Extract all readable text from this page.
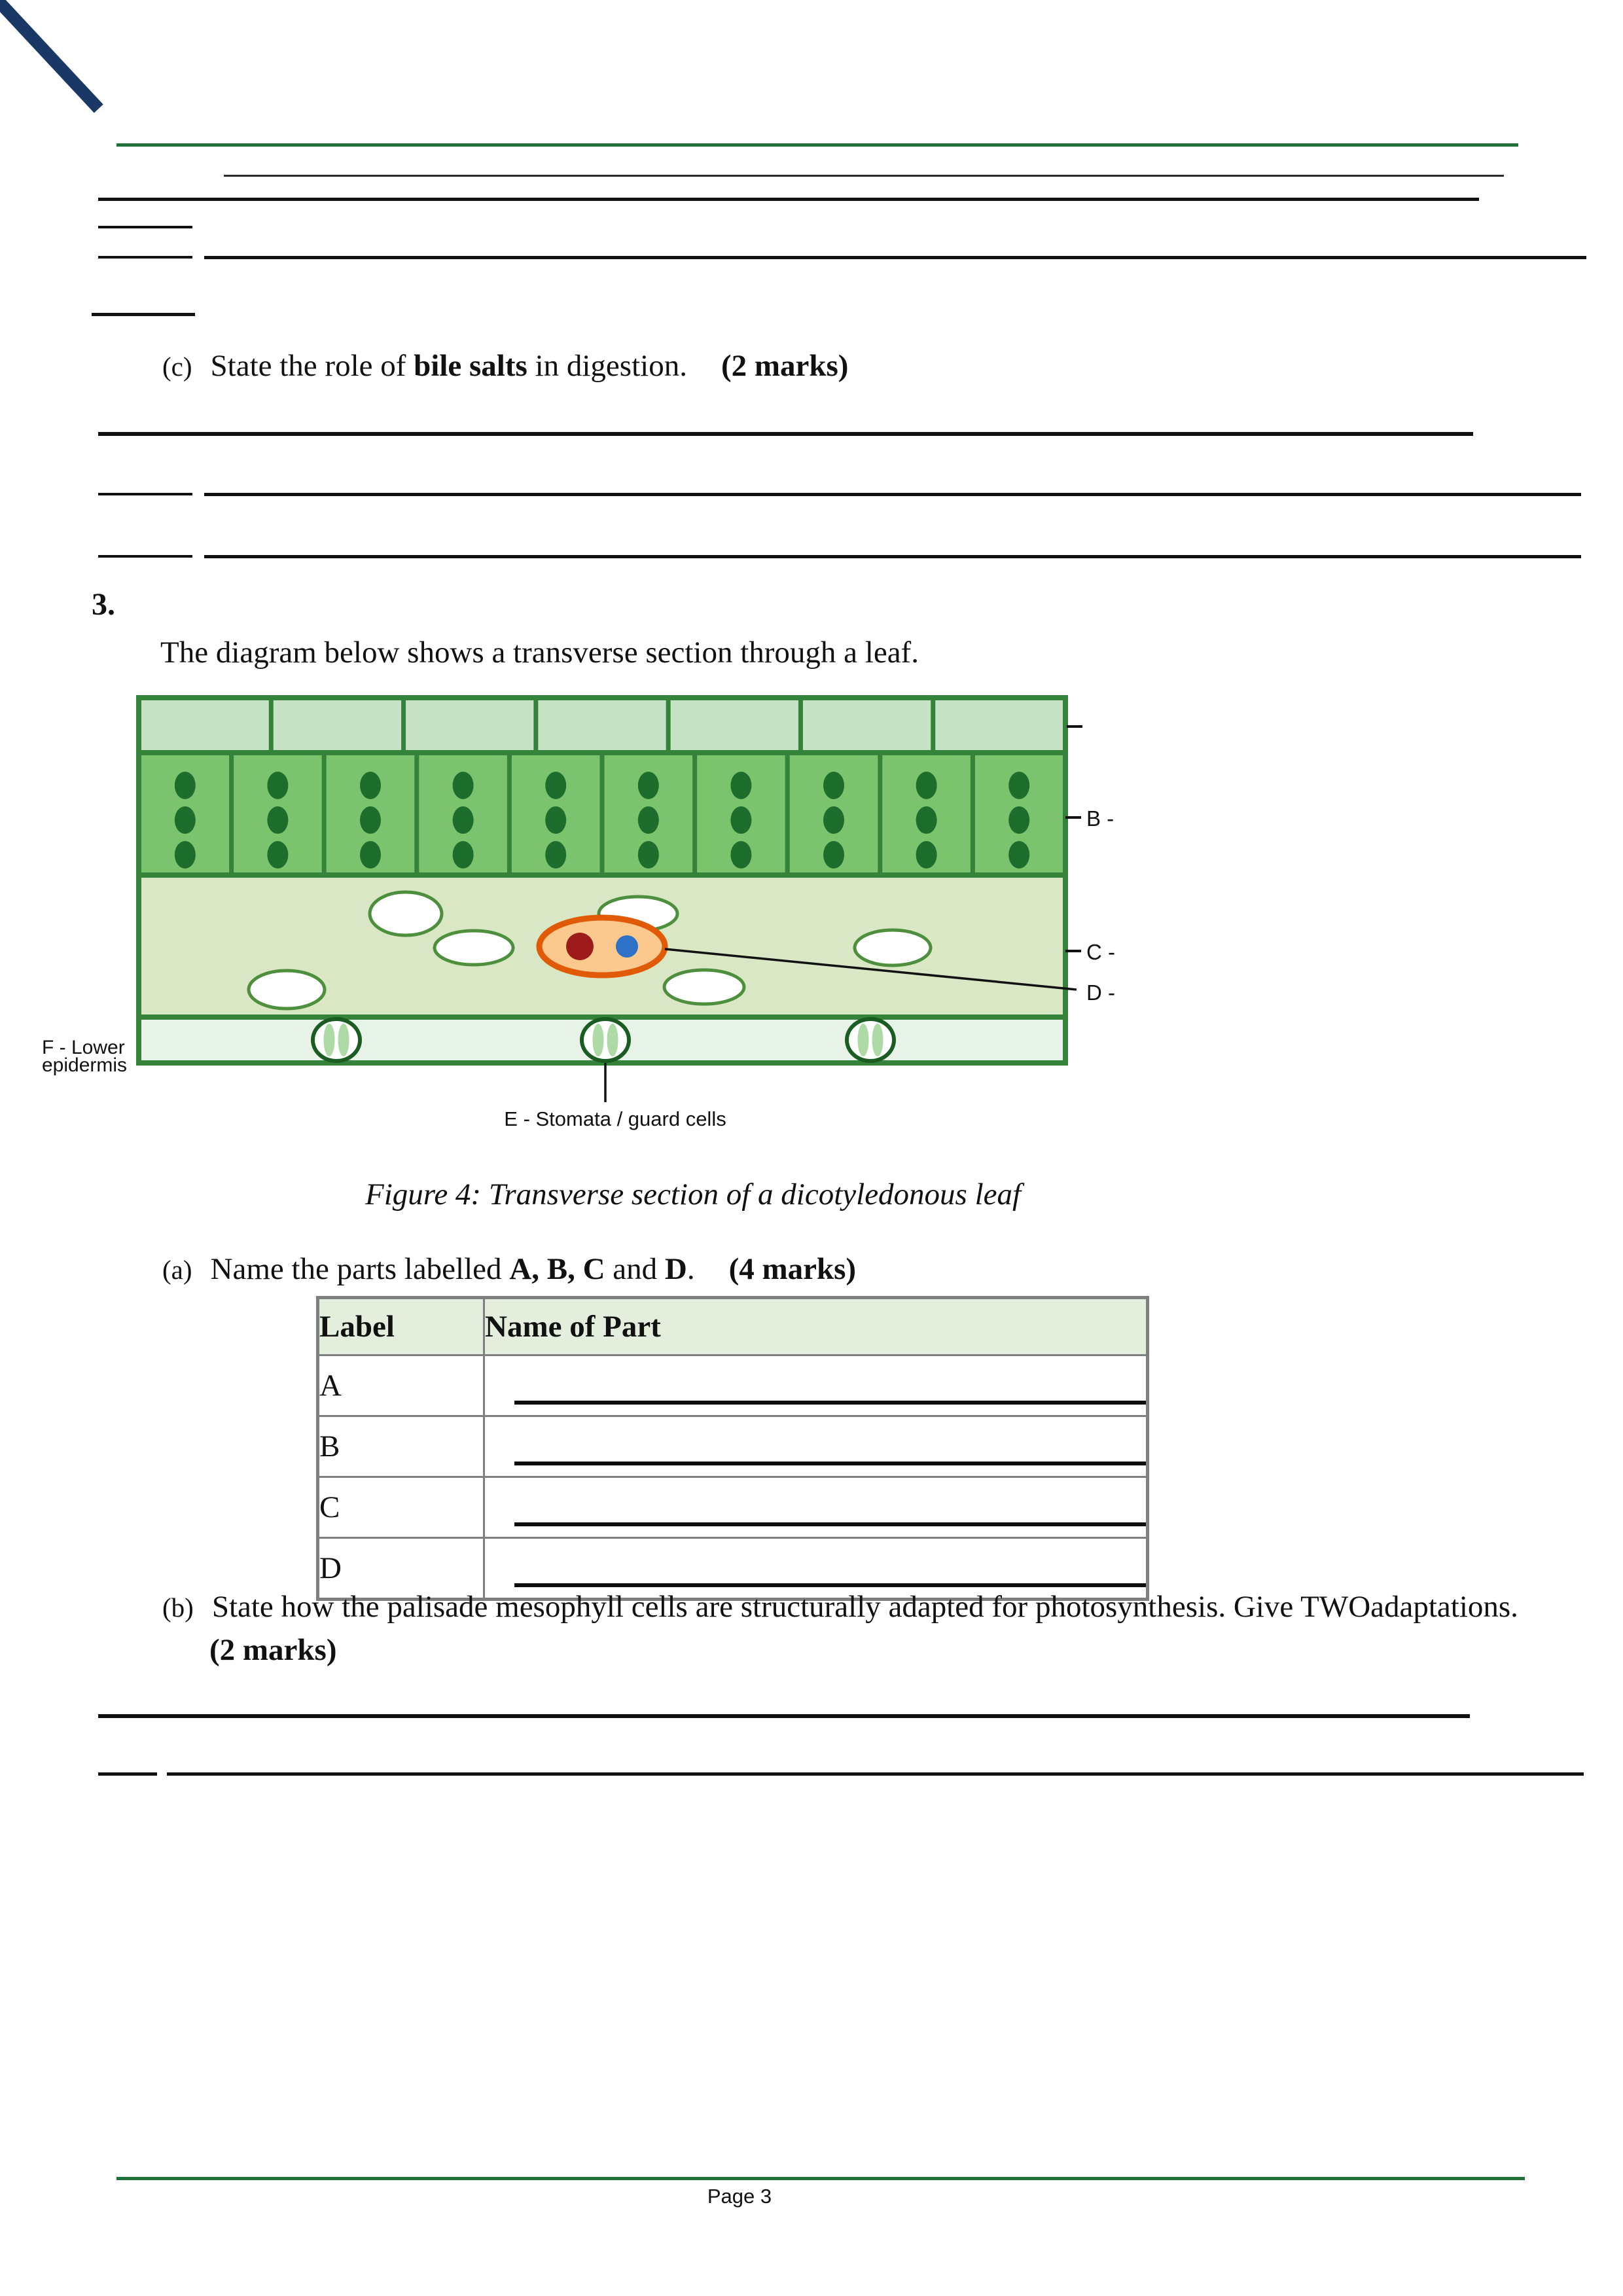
(c) State the role of bile salts in digestion. (2 marks)
3.
The diagram below shows a transverse section through a leaf.
B -
C -
D -
F - Lower
epidermis
E - Stomata / guard cells
Figure 4: Transverse section of a dicotyledonous leaf
(a) Name the parts labelled A, B, C and D. (4 marks)
Label	Name of Part
A	

B	

C	

D	
(b) State how the palisade mesophyll cells are structurally adapted for photosynthesis. Give TWOadaptations.
(2 marks)
Page 3
